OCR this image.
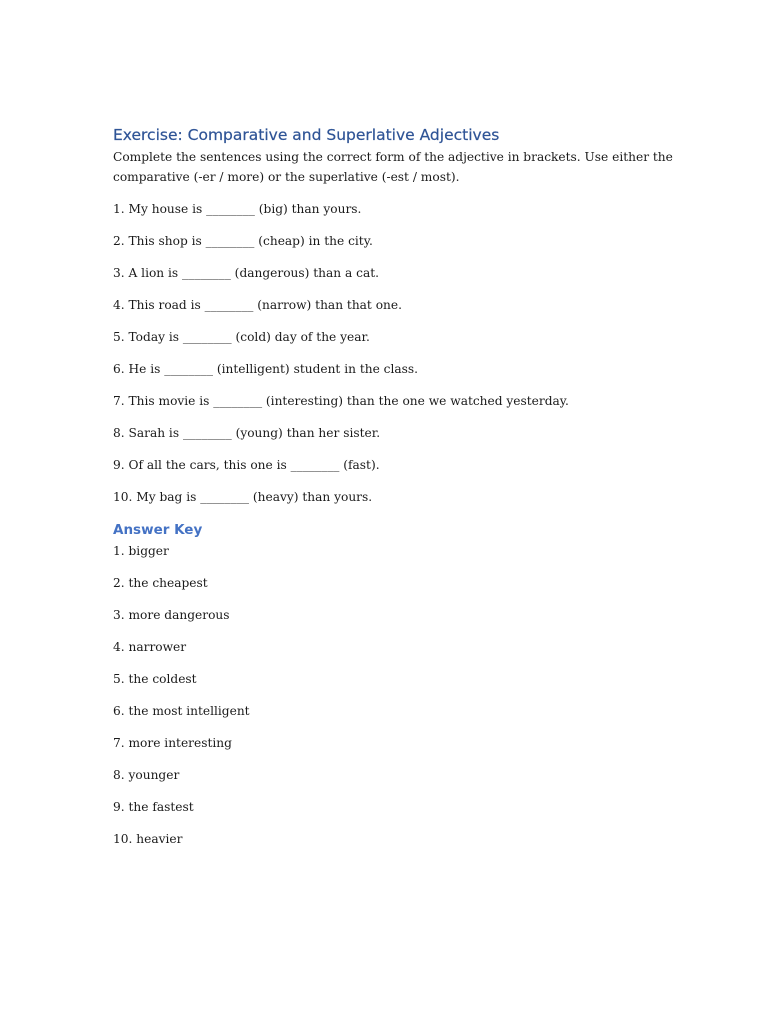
Exercise: Comparative and Superlative Adjectives

Complete the sentences using the correct form of the adjective in brackets. Use either the comparative (-er / more) or the superlative (-est / most).

1. My house is ________ (big) than yours.

2. This shop is ________ (cheap) in the city.

3. A lion is ________ (dangerous) than a cat.

4. This road is ________ (narrow) than that one.

5. Today is ________ (cold) day of the year.

6. He is ________ (intelligent) student in the class.

7. This movie is ________ (interesting) than the one we watched yesterday.

8. Sarah is ________ (young) than her sister.

9. Of all the cars, this one is ________ (fast).

10. My bag is ________ (heavy) than yours.

Answer Key

1. bigger

2. the cheapest

3. more dangerous

4. narrower

5. the coldest

6. the most intelligent

7. more interesting

8. younger

9. the fastest

10. heavier
